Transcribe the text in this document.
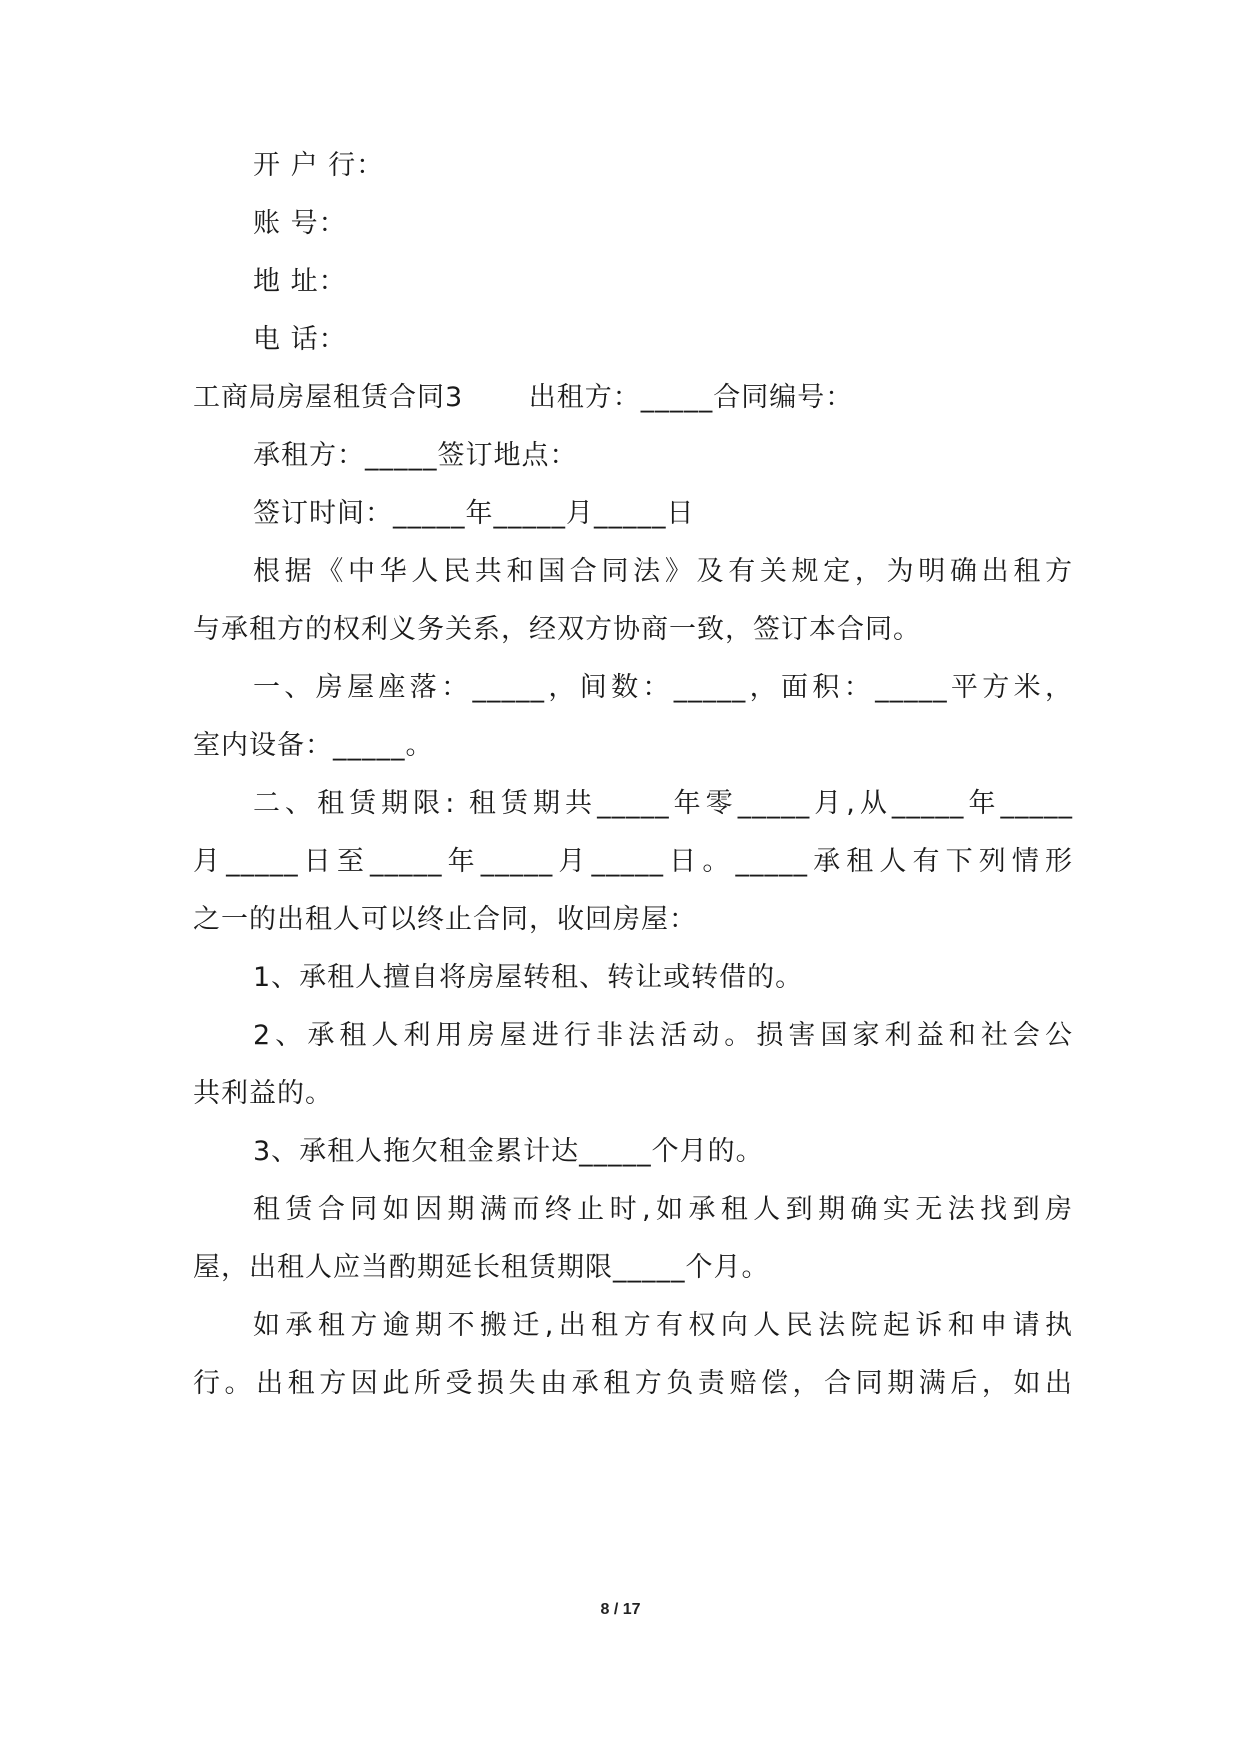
开 户 行：
账 号：
地 址：
电 话：
工商局房屋租赁合同3　　 出租方：_____合同编号：
承租方：_____签订地点：
签订时间：_____年_____月_____日
根据《中华人民共和国合同法》及有关规定，为明确出租方
与承租方的权利义务关系，经双方协商一致，签订本合同。
一、房屋座落：_____，间数：_____，面积：_____平方米，
室内设备：_____。
二、租赁期限: 租赁期共_____年零_____月,从_____年_____
月_____日至_____年_____月_____日。_____承租人有下列情形
之一的出租人可以终止合同，收回房屋：
1、承租人擅自将房屋转租、转让或转借的。
2、承租人利用房屋进行非法活动。损害国家利益和社会公
共利益的。
3、承租人拖欠租金累计达_____个月的。
租赁合同如因期满而终止时,如承租人到期确实无法找到房
屋，出租人应当酌期延长租赁期限_____个月。
如承租方逾期不搬迁,出租方有权向人民法院起诉和申请执
行。出租方因此所受损失由承租方负责赔偿，合同期满后，如出
8 / 17
